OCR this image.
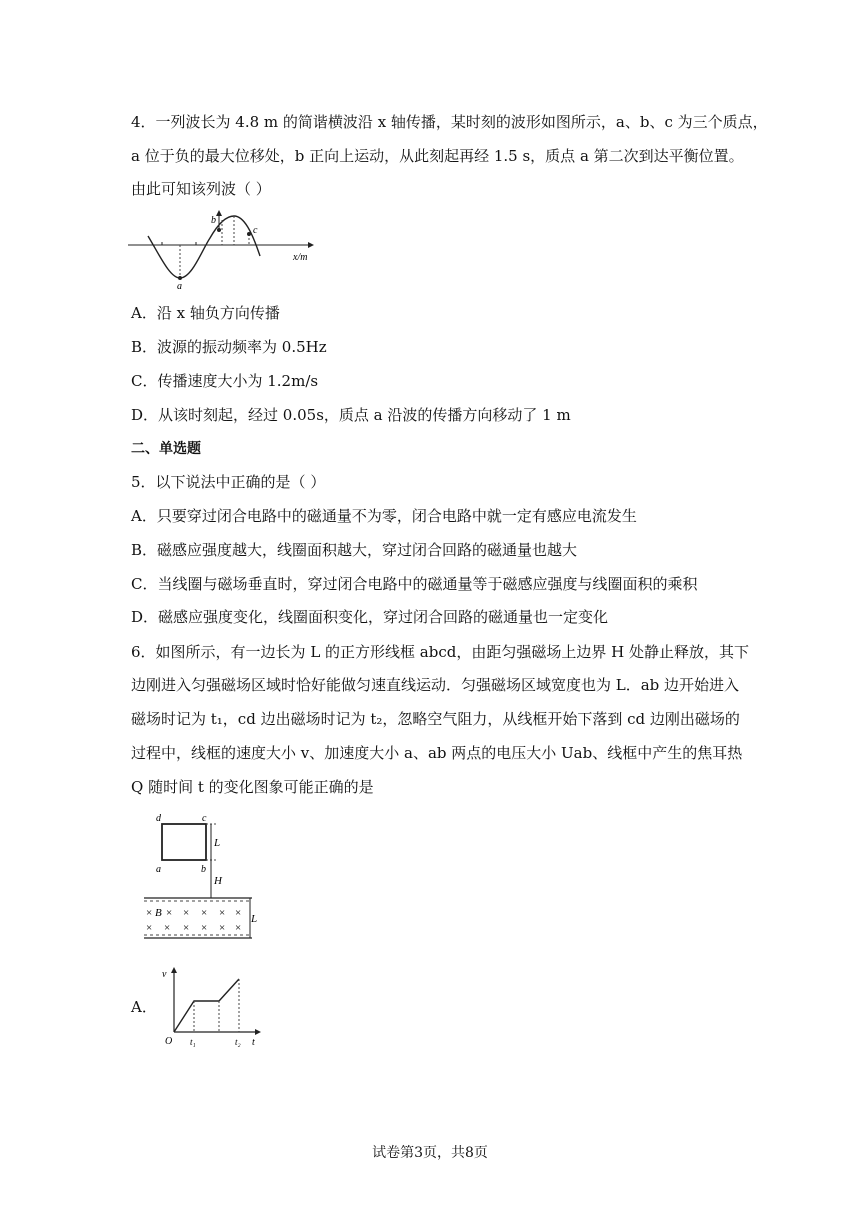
4．一列波长为 4.8 m 的简谐横波沿 x 轴传播，某时刻的波形如图所示，a、b、c 为三个质点，
a 位于负的最大位移处，b 正向上运动，从此刻起再经 1.5 s，质点 a 第二次到达平衡位置。
由此可知该列波（ ）
a
b
c
x/m
A．沿 x 轴负方向传播
B．波源的振动频率为 0.5Hz
C．传播速度大小为 1.2m/s
D．从该时刻起，经过 0.05s，质点 a 沿波的传播方向移动了 1 m
二、单选题
5．以下说法中正确的是（ ）
A．只要穿过闭合电路中的磁通量不为零，闭合电路中就一定有感应电流发生
B．磁感应强度越大，线圈面积越大，穿过闭合回路的磁通量也越大
C．当线圈与磁场垂直时，穿过闭合电路中的磁通量等于磁感应强度与线圈面积的乘积
D．磁感应强度变化，线圈面积变化，穿过闭合回路的磁通量也一定变化
6．如图所示，有一边长为 L 的正方形线框 abcd，由距匀强磁场上边界 H 处静止释放，其下
边刚进入匀强磁场区域时恰好能做匀速直线运动．匀强磁场区域宽度也为 L．ab 边开始进入
磁场时记为 t₁，cd 边出磁场时记为 t₂，忽略空气阻力，从线框开始下落到 cd 边刚出磁场的
过程中，线框的速度大小 v、加速度大小 a、ab 两点的电压大小 Uab、线框中产生的焦耳热
Q 随时间 t 的变化图象可能正确的是
d	c
a	b
L
H
L
× B × × × × ×
× × × × × ×
A．
v
O t₁	t₂ t
试卷第3页，共8页
